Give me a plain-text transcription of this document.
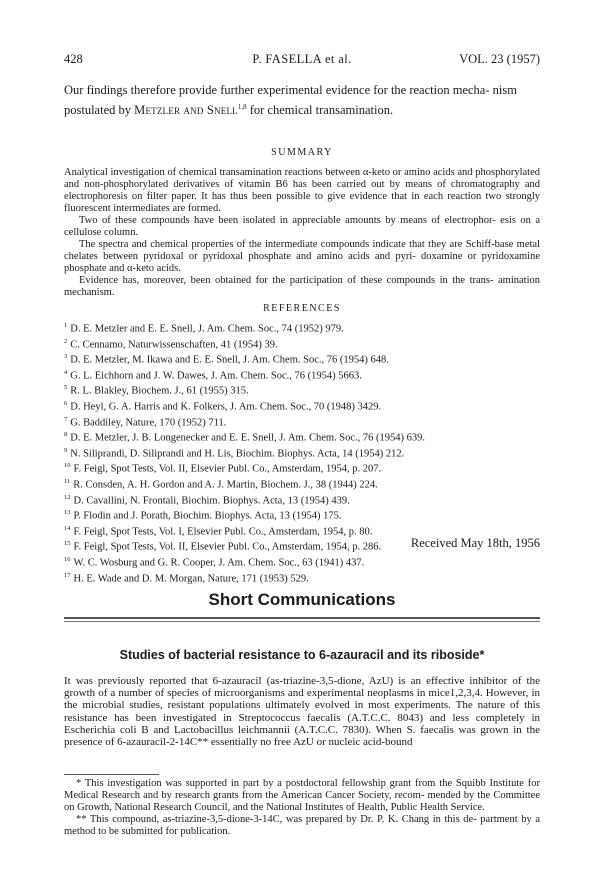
428	P. FASELLA et al.	VOL. 23 (1957)
Our findings therefore provide further experimental evidence for the reaction mecha- nism postulated by Metzler and Snell$^{1,8}$ for chemical transamination.
SUMMARY

Analytical investigation of chemical transamination reactions between α-keto or amino acids and phosphorylated and non-phosphorylated derivatives of vitamin B6 has been carried out by means of chromatography and electrophoresis on filter paper. It has thus been possible to give evidence that in each reaction two strongly fluorescent intermediates are formed.

Two of these compounds have been isolated in appreciable amounts by means of electrophor- esis on a cellulose column.

The spectra and chemical properties of the intermediate compounds indicate that they are Schiff-base metal chelates between pyridoxal or pyridoxal phosphate and amino acids and pyri- doxamine or pyridoxamine phosphate and α-keto acids.

Evidence has, moreover, been obtained for the participation of these compounds in the trans- amination mechanism.

REFERENCES
$^1$ D. E. Metzler and E. E. Snell, J. Am. Chem. Soc., 74 (1952) 979.
$^2$ C. Cennamo, Naturwissenschaften, 41 (1954) 39.
$^3$ D. E. Metzler, M. Ikawa and E. E. Snell, J. Am. Chem. Soc., 76 (1954) 648.
$^4$ G. L. Eichhorn and J. W. Dawes, J. Am. Chem. Soc., 76 (1954) 5663.
$^5$ R. L. Blakley, Biochem. J., 61 (1955) 315.
$^6$ D. Heyl, G. A. Harris and K. Folkers, J. Am. Chem. Soc., 70 (1948) 3429.
$^7$ G. Baddiley, Nature, 170 (1952) 711.
$^8$ D. E. Metzler, J. B. Longenecker and E. E. Snell, J. Am. Chem. Soc., 76 (1954) 639.
$^9$ N. Siliprandi, D. Siliprandi and H. Lis, Biochim. Biophys. Acta, 14 (1954) 212.
$^{10}$ F. Feigl, Spot Tests, Vol. II, Elsevier Publ. Co., Amsterdam, 1954, p. 207.
$^{11}$ R. Consden, A. H. Gordon and A. J. Martin, Biochem. J., 38 (1944) 224.
$^{12}$ D. Cavallini, N. Frontali, Biochim. Biophys. Acta, 13 (1954) 439.
$^{13}$ P. Flodin and J. Porath, Biochim. Biophys. Acta, 13 (1954) 175.
$^{14}$ F. Feigl, Spot Tests, Vol. I, Elsevier Publ. Co., Amsterdam, 1954, p. 80.
$^{15}$ F. Feigl, Spot Tests, Vol. II, Elsevier Publ. Co., Amsterdam, 1954, p. 286.
$^{16}$ W. C. Wosburg and G. R. Cooper, J. Am. Chem. Soc., 63 (1941) 437.
$^{17}$ H. E. Wade and D. M. Morgan, Nature, 171 (1953) 529.
Received May 18th, 1956
Short Communications
Studies of bacterial resistance to 6-azauracil and its riboside*

It was previously reported that 6-azauracil (as-triazine-3,5-dione, AzU) is an effective inhibitor of the growth of a number of species of microorganisms and experimental neoplasms in mice1,2,3,4. However, in the microbial studies, resistant populations ultimately evolved in most experiments. The nature of this resistance has been investigated in Streptococcus faecalis (A.T.C.C. 8043) and less completely in Escherichia coli B and Lactobacillus leichmannii (A.T.C.C. 7830). When S. faecalis was grown in the presence of 6-azauracil-2-14C** essentially no free AzU or nucleic acid-bound

* This investigation was supported in part by a postdoctoral fellowship grant from the Squibb Institute for Medical Research and by research grants from the American Cancer Society, recom- mended by the Committee on Growth, National Research Council, and the National Institutes of Health, Public Health Service.

** This compound, as-triazine-3,5-dione-3-14C, was prepared by Dr. P. K. Chang in this de- partment by a method to be submitted for publication.
